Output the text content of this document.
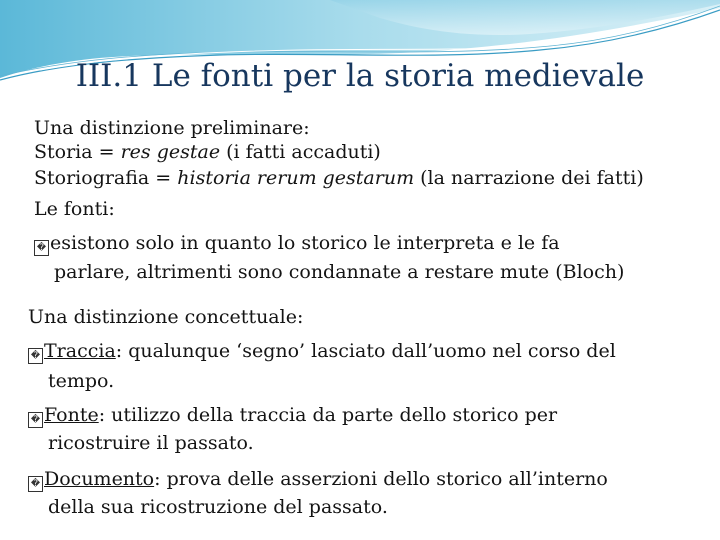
III.1 Le fonti per la storia medievale
Una distinzione preliminare:
Storia = res gestae (i fatti accaduti)
Storiografia = historia rerum gestarum (la narrazione dei fatti)
Le fonti:
� esistono solo in quanto lo storico le interpreta e le fa
parlare, altrimenti sono condannate a restare mute (Bloch)
Una distinzione concettuale:
� Traccia: qualunque ‘segno’ lasciato dall’uomo nel corso del
tempo.
� Fonte: utilizzo della traccia da parte dello storico per
ricostruire il passato.
� Documento: prova delle asserzioni dello storico all’interno
della sua ricostruzione del passato.
